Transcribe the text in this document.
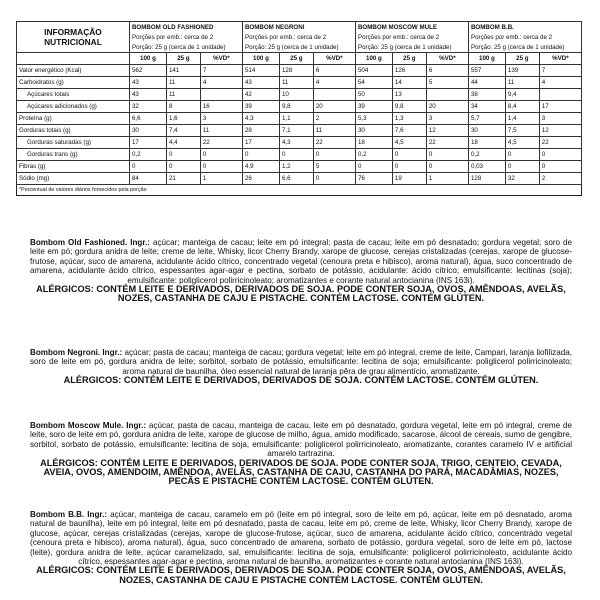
INFORMAÇÃO
NUTRICIONAL	BOMBOM OLD FASHIONED			BOMBOM NEGRONI			BOMBOM MOSCOW MULE			BOMBOM B.B.		
	Porções por emb.: cerca de 2			Porções por emb.: cerca de 2			Porções por emb.: cerca de 2			Porções por emb.: cerca de 2		
	Porção: 25 g (cerca de 1 unidade)			Porção: 25 g (cerca de 1 unidade)			Porção: 25 g (cerca de 1 unidade)			Porção: 25 g (cerca de 1 unidade)		
	100 g	25 g	%VD*	100 g	25 g	%VD*	100 g	25 g	%VD*	100 g	25 g	%VD*
Valor energético (Kcal)	562	141	7	514	128	6	504	126	6	557	139	7
Carboidratos (g)	43	11	4	43	11	4	54	14	5	44	11	4
Açúcares totais	43	11		42	10		50	13		38	9,4	
Açúcares adicionados (g)	32	8	16	39	9,8	20	39	9,8	20	34	8,4	17
Proteína (g)	6,6	1,6	3	4,3	1,1	2	5,3	1,3	3	5,7	1,4	3
Gorduras totais (g)	30	7,4	11	28	7,1	11	30	7,6	12	30	7,5	12
Gorduras saturadas (g)	17	4,4	22	17	4,3	22	18	4,5	22	18	4,5	22
Gorduras trans (g)	0,2	0	0	0	0	0	0,2	0	0	0,2	0	0
Fibras (g)	0	0	0	4,9	1,2	5	0	0	0	0,03	0	0
Sódio (mg)	84	21	1	26	6,6	0	76	19	1	128	32	2
*Percentual de valores diários fornecidos pela porção												
Bombom Old Fashioned. Ingr.: açúcar; manteiga de cacau; leite em pó integral; pasta de cacau; leite em pó desnatado; gordura vegetal; soro de leite em pó; gordura anidra de leite; creme de leite, Whisky, licor Cherry Brandy, xarope de glucose, cerejas cristalizadas (cerejas, xarope de glucose-frutose, açúcar, suco de amarena, acidulante ácido cítrico, concentrado vegetal (cenoura preta e hibisco), aroma natural), água, suco concentrado de amarena, acidulante ácido cítrico, espessantes agar-agar e pectina, sorbato de potássio, acidulante: ácido cítrico; emulsificante: lecitinas (soja); emulsificante: poliglicerol polirricinoleato; aromatizantes e corante natural antocianina (INS 163i).
ALÉRGICOS: CONTÉM LEITE E DERIVADOS, DERIVADOS DE SOJA. PODE CONTER SOJA, OVOS, AMÊNDOAS, AVELÃS, NOZES, CASTANHA DE CAJU E PISTACHE. CONTÉM LACTOSE. CONTÉM GLÚTEN.
Bombom Negroni. Ingr.: açúcar; pasta de cacau; manteiga de cacau; gordura vegetal; leite em pó integral, creme de leite, Campari, laranja liofilizada, soro de leite em pó, gordura anidra de leite; sorbitol, sorbato de potássio, emulsificante: lecitina de soja; emulsificante: poliglicerol polirricinoleato; aroma natural de baunilha, óleo essencial natural de laranja pêra de grau alimentício, aromatizante.
ALÉRGICOS: CONTÉM LEITE E DERIVADOS, DERIVADOS DE SOJA. CONTÉM LACTOSE. CONTÉM GLÚTEN.
Bombom Moscow Mule. Ingr.: açúcar, pasta de cacau, manteiga de cacau, leite em pó desnatado, gordura vegetal, leite em pó integral, creme de leite, soro de leite em pó, gordura anidra de leite, xarope de glucose de milho, água, amido modificado, sacarose, álcool de cereais, sumo de gengibre, sorbitol, sorbato de potássio, emulsificante: lecitina de soja, emulsificante: poliglicerol polirricinoleato, aromatizante, corantes caramelo IV e artificial amarelo tartrazina.
ALÉRGICOS: CONTÉM LEITE E DERIVADOS, DERIVADOS DE SOJA. PODE CONTER SOJA, TRIGO, CENTEIO, CEVADA, AVEIA, OVOS, AMENDOIM, AMÊNDOA, AVELÃS, CASTANHA DE CAJU, CASTANHA DO PARÁ, MACADÂMIAS, NOZES, PECÃS E PISTACHE CONTÉM LACTOSE. CONTÉM GLÚTEN.
Bombom B.B. Ingr.: açúcar, manteiga de cacau, caramelo em pó (leite em pó integral, soro de leite em pó, açúcar, leite em pó desnatado, aroma natural de baunilha), leite em pó integral, leite em pó desnatado, pasta de cacau, leite em pó, creme de leite, Whisky, licor Cherry Brandy, xarope de glucose, açúcar, cerejas cristalizadas (cerejas, xarope de glucose-frutose, açúcar, suco de amarena, acidulante ácido cítrico, concentrado vegetal (cenoura preta e hibisco), aroma natural), água, suco concentrado de amarena, sorbato de potássio, gordura vegetal, soro de leite em pó, lactose (leite), gordura anidra de leite, açúcar caramelizado, sal, emulsificante: lecitina de soja, emulsificante: poliglicerol polirricinoleato, acidulante ácido cítrico, espessantes agar-agar e pectina, aroma natural de baunilha, aromatizantes e corante natural antocianina (INS 163i).
ALÉRGICOS: CONTÉM LEITE E DERIVADOS, DERIVADOS DE SOJA. PODE CONTER SOJA, OVOS, AMÊNDOAS, AVELÃS, NOZES, CASTANHA DE CAJU E PISTACHE CONTÉM LACTOSE. CONTÉM GLÚTEN.
